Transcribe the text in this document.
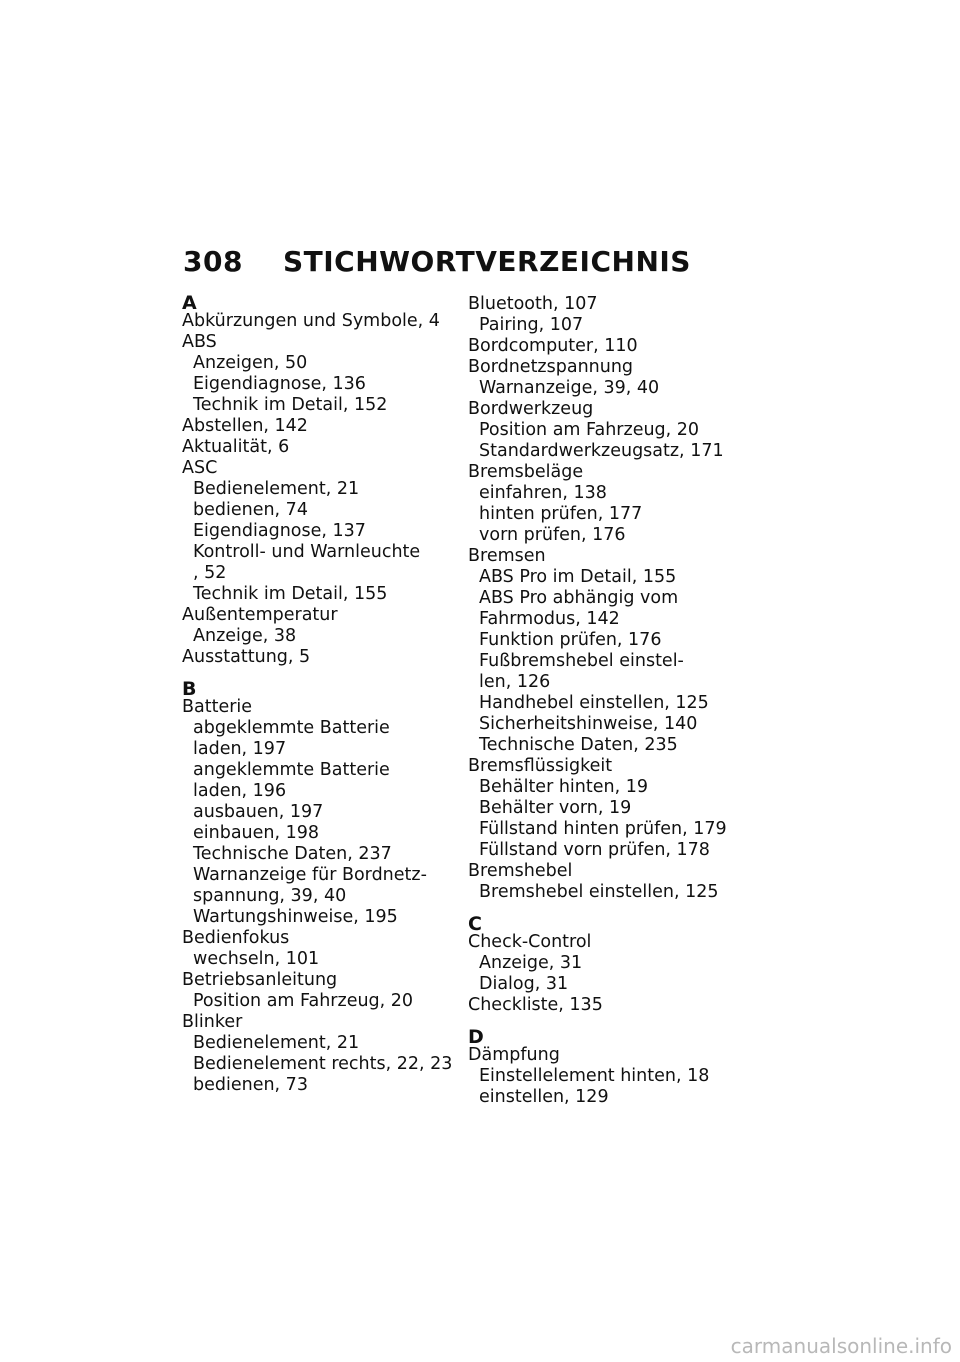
308	STICHWORTVERZEICHNIS
A
Abkürzungen und Symbole, 4
ABS
Anzeigen, 50
Eigendiagnose, 136
Technik im Detail, 152
Abstellen, 142
Aktualität, 6
ASC
Bedienelement, 21
bedienen, 74
Eigendiagnose, 137
Kontroll- und Warnleuchte
, 52
Technik im Detail, 155
Außentemperatur
Anzeige, 38
Ausstattung, 5
B
Batterie
abgeklemmte Batterie
laden, 197
angeklemmte Batterie
laden, 196
ausbauen, 197
einbauen, 198
Technische Daten, 237
Warnanzeige für Bordnetz-
spannung, 39, 40
Wartungshinweise, 195
Bedienfokus
wechseln, 101
Betriebsanleitung
Position am Fahrzeug, 20
Blinker
Bedienelement, 21
Bedienelement rechts, 22, 23
bedienen, 73
Bluetooth, 107
Pairing, 107
Bordcomputer, 110
Bordnetzspannung
Warnanzeige, 39, 40
Bordwerkzeug
Position am Fahrzeug, 20
Standardwerkzeugsatz, 171
Bremsbeläge
einfahren, 138
hinten prüfen, 177
vorn prüfen, 176
Bremsen
ABS Pro im Detail, 155
ABS Pro abhängig vom
Fahrmodus, 142
Funktion prüfen, 176
Fußbremshebel einstel-
len, 126
Handhebel einstellen, 125
Sicherheitshinweise, 140
Technische Daten, 235
Bremsflüssigkeit
Behälter hinten, 19
Behälter vorn, 19
Füllstand hinten prüfen, 179
Füllstand vorn prüfen, 178
Bremshebel
Bremshebel einstellen, 125
C
Check-Control
Anzeige, 31
Dialog, 31
Checkliste, 135
D
Dämpfung
Einstellelement hinten, 18
einstellen, 129
carmanualsonline.info
